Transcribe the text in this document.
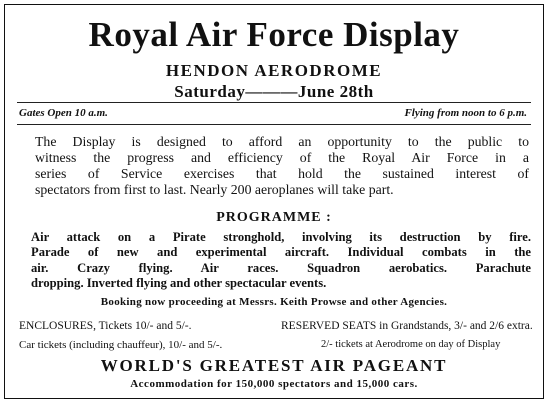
Royal Air Force Display
HENDON AERODROME
Saturday———June 28th
Gates Open 10 a.m.	Flying from noon to 6 p.m.
The Display is designed to afford an opportunity to the public to
witness the progress and efficiency of the Royal Air Force in a
series of Service exercises that hold the sustained interest of
spectators from first to last. Nearly 200 aeroplanes will take part.
PROGRAMME :
Air attack on a Pirate stronghold, involving its destruction by fire.
Parade of new and experimental aircraft. Individual combats in the
air. Crazy flying. Air races. Squadron aerobatics. Parachute
dropping. Inverted flying and other spectacular events.
Booking now proceeding at Messrs. Keith Prowse and other Agencies.
ENCLOSURES, Tickets 10/- and 5/-.	RESERVED SEATS in Grandstands, 3/- and 2/6 extra.
Car tickets (including chauffeur), 10/- and 5/-.	2/- tickets at Aerodrome on day of Display
WORLD'S GREATEST AIR PAGEANT
Accommodation for 150,000 spectators and 15,000 cars.
